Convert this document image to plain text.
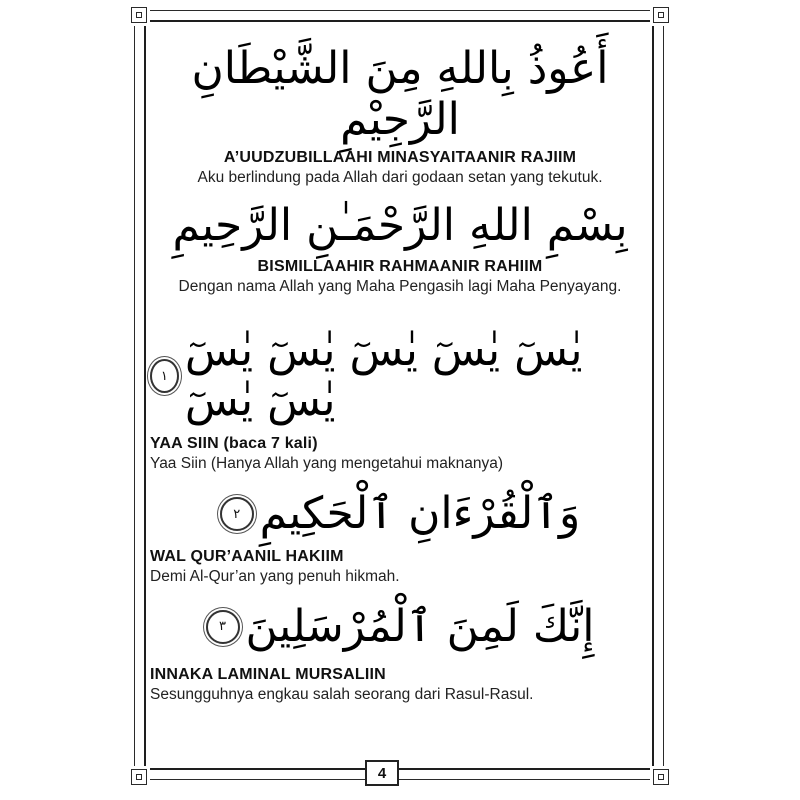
أَعُوذُ بِاللهِ مِنَ الشَّيْطَانِ الرَّجِيْمِ
A’UUDZUBILLAAHI MINASYAITAANIR RAJIIM
Aku berlindung pada Allah dari godaan setan yang tekutuk.
بِسْمِ اللهِ الرَّحْمَـٰنِ الرَّحِيمِ
BISMILLAAHIR RAHMAANIR RAHIIM
Dengan nama Allah yang Maha Pengasih lagi Maha Penyayang.
١
يٰسٓ يٰسٓ يٰسٓ يٰسٓ يٰسٓ يٰسٓ يٰسٓ
YAA SIIN (baca 7 kali)
Yaa Siin (Hanya Allah yang mengetahui maknanya)
٢ وَٱلْقُرْءَانِ ٱلْحَكِيمِ
WAL QUR’AANIL HAKIIM
Demi Al-Qur’an yang penuh hikmah.
٣ إِنَّكَ لَمِنَ ٱلْمُرْسَلِينَ
INNAKA LAMINAL MURSALIIN
Sesungguhnya engkau salah seorang dari Rasul-Rasul.
4
